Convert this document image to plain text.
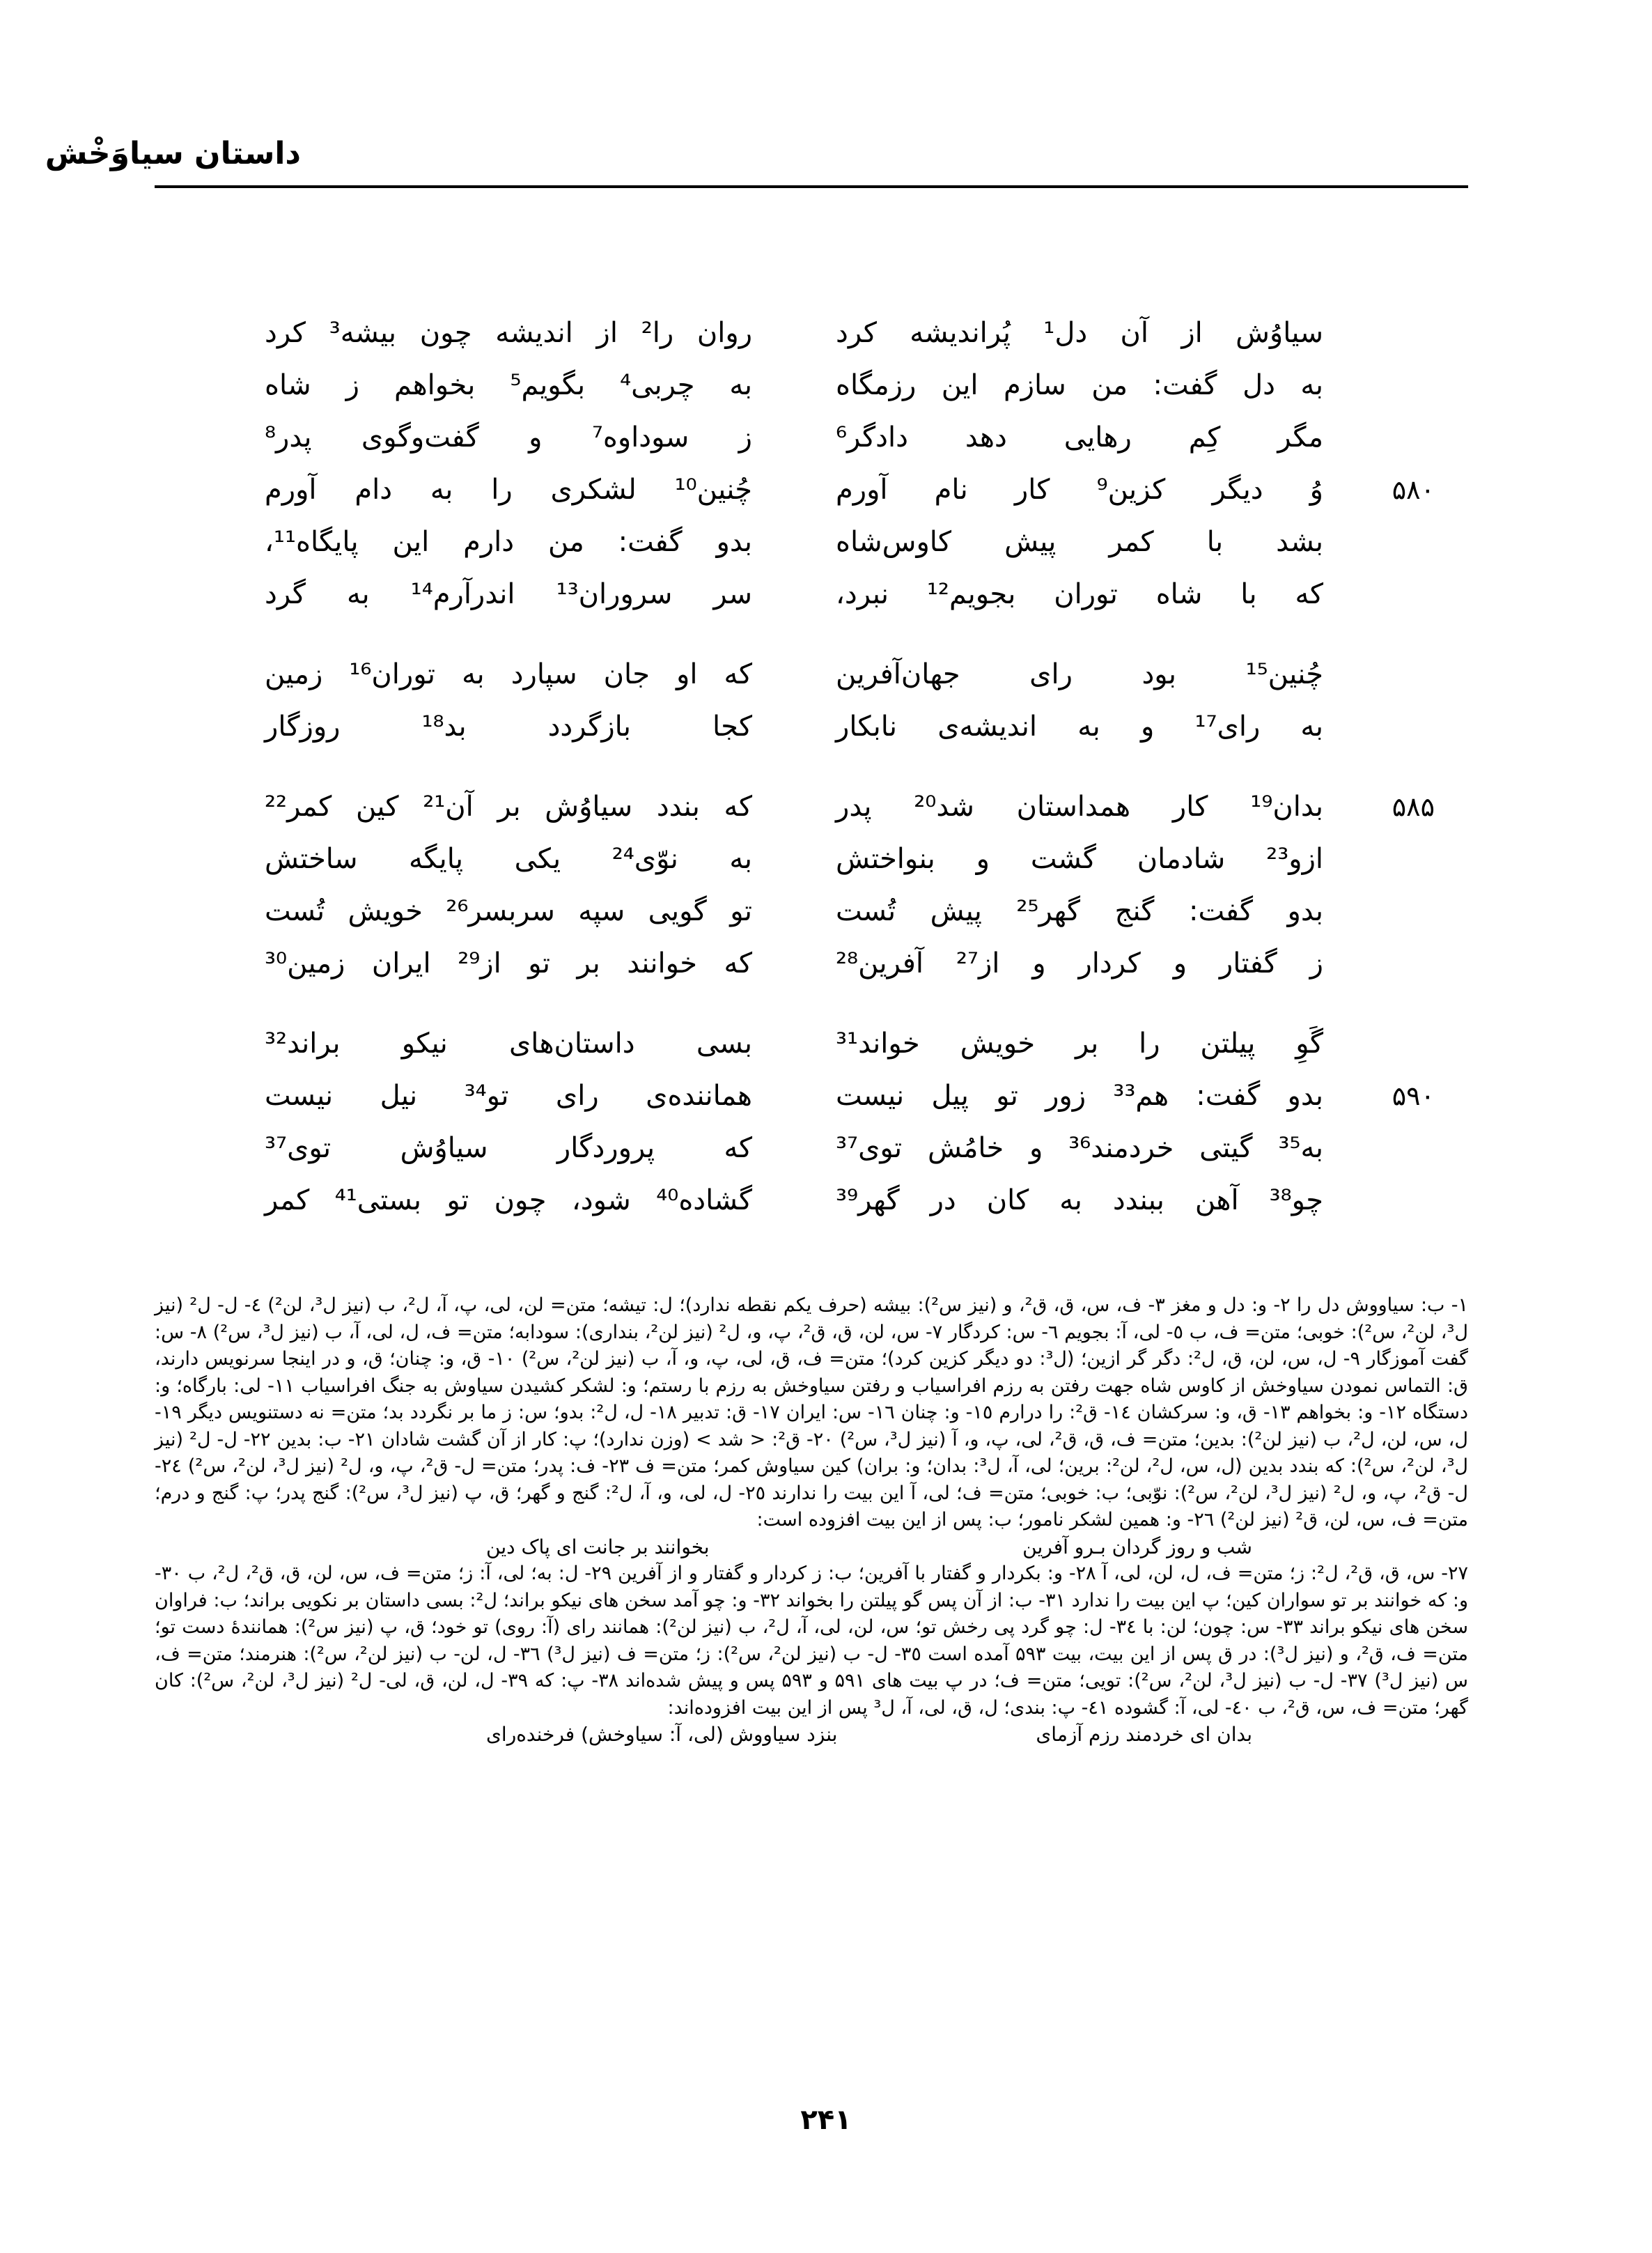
داستان سیاوَخْش
سیاوُش از آن دل¹ پُراندیشه کرد
روان را² از اندیشه چون بیشه³ کرد
به دل گفت: من سازم این رزمگاه
به چربی⁴ بگویم⁵ بخواهم ز شاه
مگر کِم رهایی دهد دادگر⁶
ز سوداوه⁷ و گفت‌وگوی پدر⁸
۵۸۰
وُ دیگر کزین⁹ کار نام آورم
چُنین¹⁰ لشکری را به دام آورم
بشد با کمر پیش کاوس‌شاه
بدو گفت: من دارم این پایگاه¹¹،
که با شاه توران بجویم¹² نبرد،
سر سروران¹³ اندرآرم¹⁴ به گرد
چُنین¹⁵ بود رای جهان‌آفرین
که او جان سپارد به توران¹⁶ زمین
به رای¹⁷ و به اندیشه‌ی نابکار
کجا بازگردد بد¹⁸ روزگار
۵۸۵
بدان¹⁹ کار همداستان شد²⁰ پدر
که بندد سیاوُش بر آن²¹ کین کمر²²
ازو²³ شادمان گشت و بنواختش
به نوّی²⁴ یکی پایگه ساختش
بدو گفت: گنج گهر²⁵ پیش تُست
تو گویی سپه سربسر²⁶ خویش تُست
ز گفتار و کردار و از²⁷ آفرین²⁸
که خوانند بر تو از²⁹ ایران زمین³⁰
گَوِ پیلتن را بر خویش خواند³¹
بسی داستان‌های نیکو براند³²
۵۹۰
بدو گفت: هم³³ زور تو پیل نیست
همانند‌ه‌ی رای تو³⁴ نیل نیست
به³⁵ گیتی خردمند³⁶ و خامُش توی³⁷
که پروردگار سیاوُش توی³⁷
چو³⁸ آهن ببندد به کان در گهر³⁹
گشاده⁴⁰ شود، چون تو بستی⁴¹ کمر

۱- ب: سیاووش دل را ۲- و: دل و مغز ۳- ف، س، ق، ق²، و (نیز س²): بیشه (حرف یکم نقطه ندارد)؛ ل: تیشه؛ متن= لن، لی، پ، آ، ل²، ب (نیز ل³، لن²) ٤- ل- ل² (نیز ل³، لن²، س²): خوبی؛ متن= ف، ب ٥- لی، آ: بجویم ٦- س: کردگار ٧- س، لن، ق، ق²، پ، و، ل² (نیز لن²، بنداری): سودابه؛ متن= ف، ل، لی، آ، ب (نیز ل³، س²) ٨- س: گفت آموزگار ٩- ل، س، لن، ق، ل²: دگر گر ازین؛ (ل³: دو دیگر کزین کرد)؛ متن= ف، ق، لی، پ، و، آ، ب (نیز لن²، س²) ١٠- ق، و: چنان؛ ق، و در اینجا سرنویس دارند، ق: التماس نمودن سیاوخش از کاوس شاه جهت رفتن به رزم افراسیاب و رفتن سیاوخش به رزم با رستم؛ و: لشکر کشیدن سیاوش به جنگ افراسیاب ١١- لی: بارگاه؛ و: دستگاه ١٢- و: بخواهم ١٣- ق، و: سرکشان ١٤- ق²: را درارم ١٥- و: چنان ١٦- س: ایران ١٧- ق: تدبیر ١٨- ل، ل²: بدو؛ س: ز ما بر نگردد بد؛ متن= نه دستنویس دیگر ١٩- ل، س، لن، ل²، ب (نیز لن²): بدین؛ متن= ف، ق، ق²، لی، پ، و، آ (نیز ل³، س²) ٢٠- ق²: < شد > (وزن ندارد)؛ پ: کار از آن گشت شادان ٢١- ب: بدین ٢٢- ل- ل² (نیز ل³، لن²، س²): که بندد بدین (ل، س، ل²، لن²: برین؛ لی، آ، ل³: بدان؛ و: بران) کین سیاوش کمر؛ متن= ف ٢٣- ف: پدر؛ متن= ل- ق²، پ، و، ل² (نیز ل³، لن²، س²) ٢٤- ل- ق²، پ، و، ل² (نیز ل³، لن²، س²): نوّبی؛ ب: خوبی؛ متن= ف؛ لی، آ این بیت را ندارند ٢٥- ل، لی، و، آ، ل²: گنج و گهر؛ ق، پ (نیز ل³، س²): گنج پدر؛ پ: گنج و درم؛ متن= ف، س، لن، ق² (نیز لن²) ٢٦- و: همین لشکر نامور؛ ب: پس از این بیت افزوده است:

شب و روز گردان بـرو آفرین
بخوانند بر جانت ای پاک دین

٢٧- س، ق، ق²، ل²: ز؛ متن= ف، ل، لن، لی، آ ٢٨- و: بکردار و گفتار با آفرین؛ ب: ز کردار و گفتار و از آفرین ٢٩- ل: به؛ لی، آ: ز؛ متن= ف، س، لن، ق، ق²، ل²، ب ٣٠- و: که خوانند بر تو سواران کین؛ پ این بیت را ندارد ٣١- ب: از آن پس گو پیلتن را بخواند ٣٢- و: چو آمد سخن های نیکو براند؛ ل²: بسی داستان بر نکویی براند؛ ب: فراوان سخن های نیکو براند ٣٣- س: چون؛ لن: با ٣٤- ل: چو گرد پی رخش تو؛ س، لن، لی، آ، ل²، ب (نیز لن²): همانند رای (آ: روی) تو خود؛ ق، پ (نیز س²): همانندهٔ دست تو؛ متن= ف، ق²، و (نیز ل³): در ق پس از این بیت، بیت ۵۹۳ آمده است ٣٥- ل- ب (نیز لن²، س²): ز؛ متن= ف (نیز ل³) ٣٦- ل، لن- ب (نیز لن²، س²): هنرمند؛ متن= ف، س (نیز ل³) ٣٧- ل- ب (نیز ل³، لن²، س²): تویی؛ متن= ف؛ در پ بیت های ۵۹۱ و ۵۹۳ پس و پیش شده‌اند ٣٨- پ: که ٣٩- ل، لن، ق، لی- ل² (نیز ل³، لن²، س²): کان گهر؛ متن= ف، س، ق²، ب ٤٠- لی، آ: گشوده ٤١- پ: بندی؛ ل، ق، لی، آ، ل³ پس از این بیت افزوده‌اند:

بدان ای خردمند رزم آزمای
بنزد سیاووش (لی، آ: سیاوخش) فرخنده‌رای
۲۴۱
